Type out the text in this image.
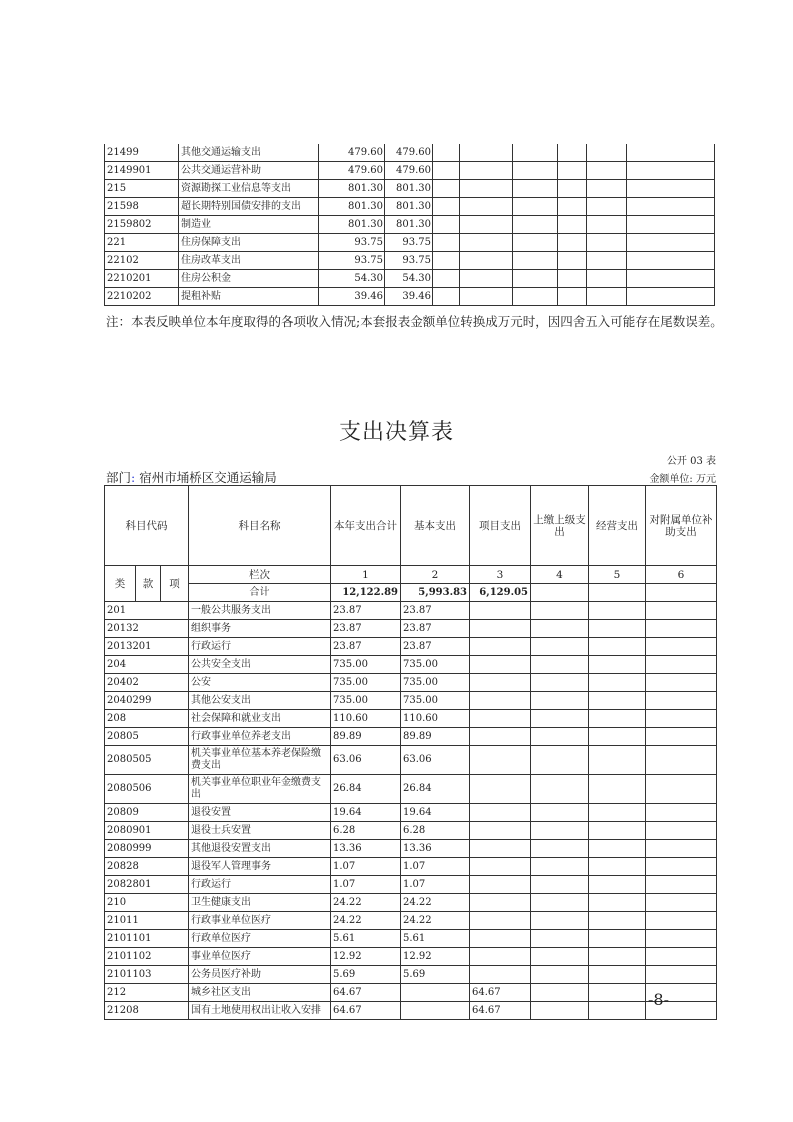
21499	其他交通运输支出	479.60	479.60						
2149901	公共交通运营补助	479.60	479.60						
215	资源勘探工业信息等支出	801.30	801.30						
21598	超长期特别国债安排的支出	801.30	801.30						
2159802	制造业	801.30	801.30						
221	住房保障支出	93.75	93.75						
22102	住房改革支出	93.75	93.75						
2210201	住房公积金	54.30	54.30						
2210202	提租补贴	39.46	39.46						
注：本表反映单位本年度取得的各项收入情况;本套报表金额单位转换成万元时，因四舍五入可能存在尾数误差。
支出决算表
公开 03 表
部门: 宿州市埇桥区交通运输局	金额单位: 万元
科目代码			科目名称	本年支出合计	基本支出	项目支出	上缴上级支出	经营支出	对附属单位补助支出
类	款	项	栏次	1	2	3	4	5	6
			合计	12,122.89	5,993.83	6,129.05			
201			一般公共服务支出	23.87	23.87				
20132			组织事务	23.87	23.87				
2013201			行政运行	23.87	23.87				
204			公共安全支出	735.00	735.00				
20402			公安	735.00	735.00				
2040299			其他公安支出	735.00	735.00				
208			社会保障和就业支出	110.60	110.60				
20805			行政事业单位养老支出	89.89	89.89				
2080505			机关事业单位基本养老保险缴费支出	63.06	63.06				
2080506			机关事业单位职业年金缴费支出	26.84	26.84				
20809			退役安置	19.64	19.64				
2080901			退役士兵安置	6.28	6.28				
2080999			其他退役安置支出	13.36	13.36				
20828			退役军人管理事务	1.07	1.07				
2082801			行政运行	1.07	1.07				
210			卫生健康支出	24.22	24.22				
21011			行政事业单位医疗	24.22	24.22				
2101101			行政单位医疗	5.61	5.61				
2101102			事业单位医疗	12.92	12.92				
2101103			公务员医疗补助	5.69	5.69				
212			城乡社区支出	64.67		64.67			
21208			国有土地使用权出让收入安排	64.67		64.67			
-8-
